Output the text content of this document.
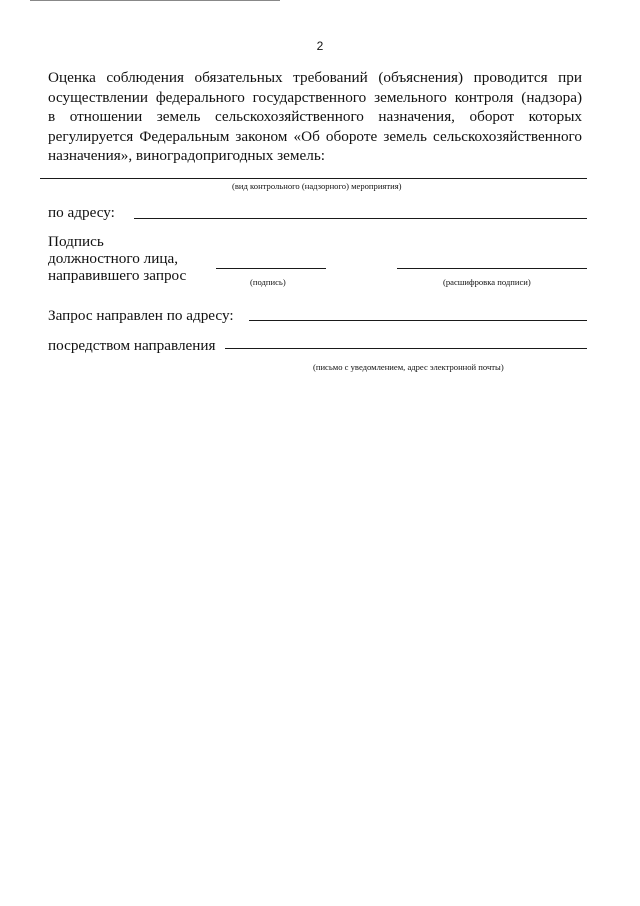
2
Оценка соблюдения обязательных требований (объяснения) проводится при
осуществлении федерального государственного земельного контроля (надзора)
в отношении земель сельскохозяйственного назначения, оборот которых
регулируется Федеральным законом «Об обороте земель сельскохозяйственного
назначения», виноградопригодных земель:
(вид контрольного (надзорного) мероприятия)
по адресу:
Подпись
должностного лица,
направившего запрос	(подпись)	(расшифровка подписи)
Запрос направлен по адресу:
посредством направления
(письмо с уведомлением, адрес электронной почты)
